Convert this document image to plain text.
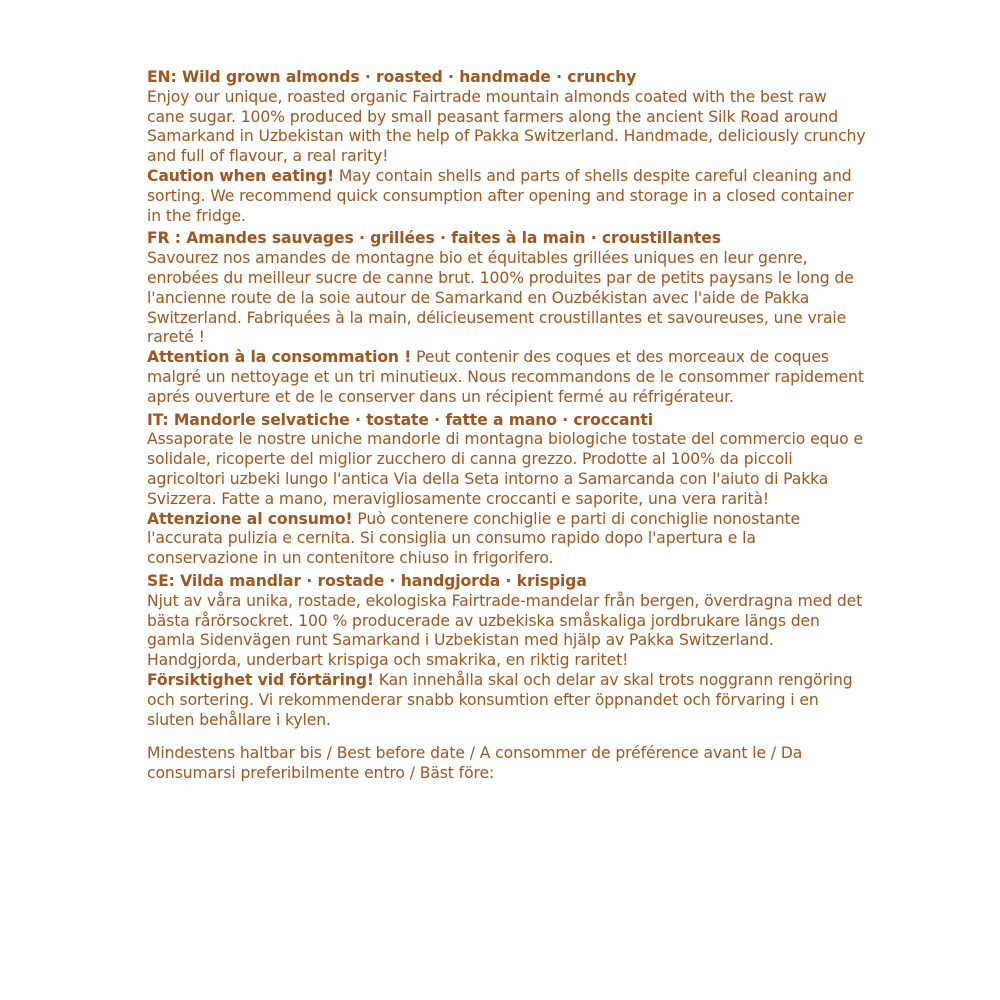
EN: Wild grown almonds · roasted · handmade · crunchy

Enjoy our unique, roasted organic Fairtrade mountain almonds coated with the best raw cane sugar. 100% produced by small peasant farmers along the ancient Silk Road around Samarkand in Uzbekistan with the help of Pakka Switzerland. Handmade, deliciously crunchy and full of flavour, a real rarity!
Caution when eating! May contain shells and parts of shells despite careful cleaning and sorting. We recommend quick consumption after opening and storage in a closed container in the fridge.

FR : Amandes sauvages · grillées · faites à la main · croustillantes

Savourez nos amandes de montagne bio et équitables grillées uniques en leur genre, enrobées du meilleur sucre de canne brut. 100% produites par de petits paysans le long de l'ancienne route de la soie autour de Samarkand en Ouzbékistan avec l'aide de Pakka Switzerland. Fabriquées à la main, délicieusement croustillantes et savoureuses, une vraie rareté !
Attention à la consommation ! Peut contenir des coques et des morceaux de coques malgré un nettoyage et un tri minutieux. Nous recommandons de le consommer rapidement aprés ouverture et de le conserver dans un récipient fermé au réfrigérateur.

IT: Mandorle selvatiche · tostate · fatte a mano · croccanti

Assaporate le nostre uniche mandorle di montagna biologiche tostate del commercio equo e solidale, ricoperte del miglior zucchero di canna grezzo. Prodotte al 100% da piccoli agricoltori uzbeki lungo l'antica Via della Seta intorno a Samarcanda con l'aiuto di Pakka Svizzera. Fatte a mano, meravigliosamente croccanti e saporite, una vera rarità!
Attenzione al consumo! Può contenere conchiglie e parti di conchiglie nonostante l'accurata pulizia e cernita. Si consiglia un consumo rapido dopo l'apertura e la conservazione in un contenitore chiuso in frigorifero.

SE: Vilda mandlar · rostade · handgjorda · krispiga

Njut av våra unika, rostade, ekologiska Fairtrade-mandelar från bergen, överdragna med det bästa rårörsockret. 100 % producerade av uzbekiska småskaliga jordbrukare längs den gamla Sidenvägen runt Samarkand i Uzbekistan med hjälp av Pakka Switzerland. Handgjorda, underbart krispiga och smakrika, en riktig raritet!
Försiktighet vid förtäring! Kan innehålla skal och delar av skal trots noggrann rengöring och sortering. Vi rekommenderar snabb konsumtion efter öppnandet och förvaring i en sluten behållare i kylen.

Mindestens haltbar bis / Best before date / A consommer de préférence avant le / Da consumarsi preferibilmente entro / Bäst före:
